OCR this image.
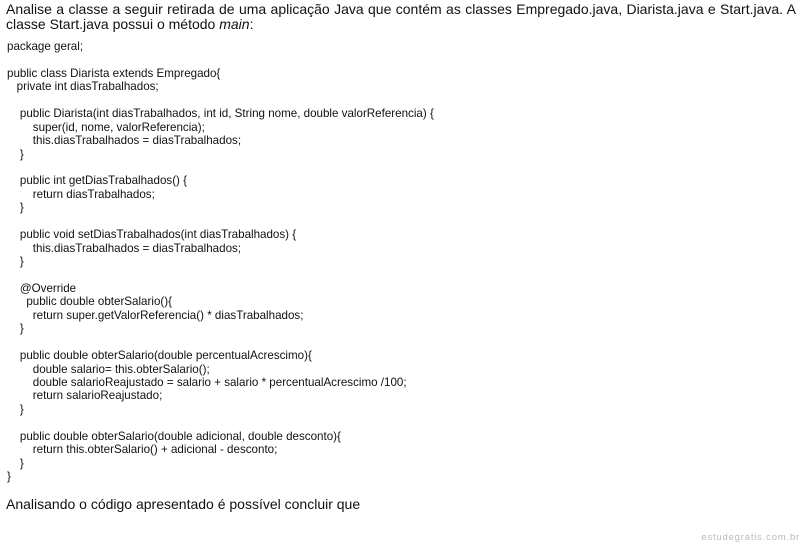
Analise a classe a seguir retirada de uma aplicação Java que contém as classes Empregado.java, Diarista.java e Start.java. A classe Start.java possui o método main:

package geral;

public class Diarista extends Empregado{
private int diasTrabalhados;

public Diarista(int diasTrabalhados, int id, String nome, double valorReferencia) {
super(id, nome, valorReferencia);
this.diasTrabalhados = diasTrabalhados;
}

public int getDiasTrabalhados() {
return diasTrabalhados;
}

public void setDiasTrabalhados(int diasTrabalhados) {
this.diasTrabalhados = diasTrabalhados;
}

@Override
public double obterSalario(){
return super.getValorReferencia() * diasTrabalhados;
}

public double obterSalario(double percentualAcrescimo){
double salario= this.obterSalario();
double salarioReajustado = salario + salario * percentualAcrescimo /100;
return salarioReajustado;
}

public double obterSalario(double adicional, double desconto){
return this.obterSalario() + adicional - desconto;
}
}

Analisando o código apresentado é possível concluir que

estudegratis.com.br
